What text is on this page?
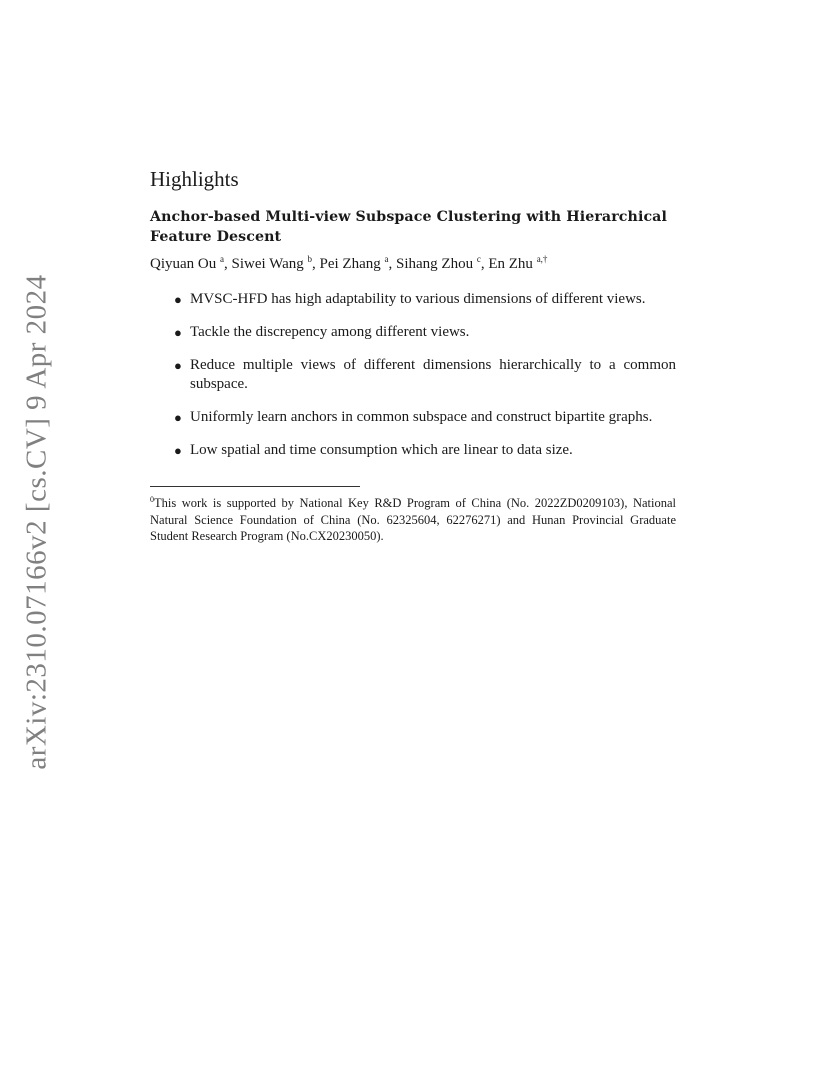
arXiv:2310.07166v2 [cs.CV] 9 Apr 2024
Highlights
Anchor-based Multi-view Subspace Clustering with Hierarchical Feature Descent
Qiyuan Ou $^a$, Siwei Wang $^b$, Pei Zhang $^a$, Sihang Zhou $^c$, En Zhu $^{a,\dagger}$
● MVSC-HFD has high adaptability to various dimensions of different views.
● Tackle the discrepency among different views.
● Reduce multiple views of different dimensions hierarchically to a common subspace.
● Uniformly learn anchors in common subspace and construct bipartite graphs.
● Low spatial and time consumption which are linear to data size.

$^0$This work is supported by National Key R&D Program of China (No. 2022ZD0209103), National Natural Science Foundation of China (No. 62325604, 62276271) and Hunan Provincial Graduate Student Research Program (No.CX20230050).
